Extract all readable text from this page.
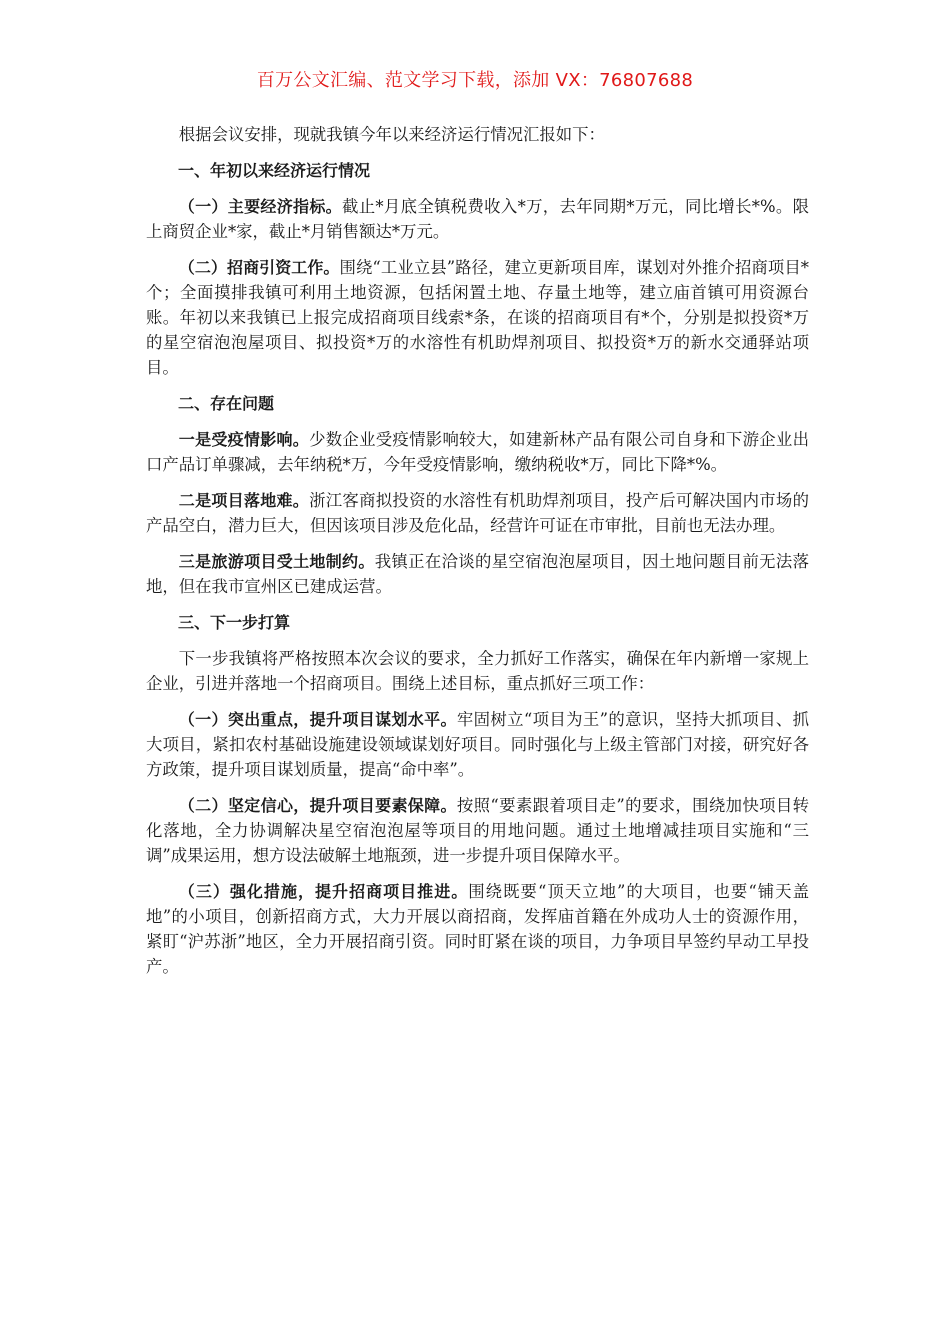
百万公文汇编、范文学习下载，添加 VX：76807688

根据会议安排，现就我镇今年以来经济运行情况汇报如下：

一、年初以来经济运行情况

（一）主要经济指标。截止*月底全镇税费收入*万，去年同期*万元，同比增长*%。限上商贸企业*家，截止*月销售额达*万元。

（二）招商引资工作。围绕“工业立县”路径，建立更新项目库，谋划对外推介招商项目*个；全面摸排我镇可利用土地资源，包括闲置土地、存量土地等，建立庙首镇可用资源台账。年初以来我镇已上报完成招商项目线索*条，在谈的招商项目有*个，分别是拟投资*万的星空宿泡泡屋项目、拟投资*万的水溶性有机助焊剂项目、拟投资*万的新水交通驿站项目。

二、存在问题

一是受疫情影响。少数企业受疫情影响较大，如建新林产品有限公司自身和下游企业出口产品订单骤减，去年纳税*万，今年受疫情影响，缴纳税收*万，同比下降*%。

二是项目落地难。浙江客商拟投资的水溶性有机助焊剂项目，投产后可解决国内市场的产品空白，潜力巨大，但因该项目涉及危化品，经营许可证在市审批，目前也无法办理。

三是旅游项目受土地制约。我镇正在洽谈的星空宿泡泡屋项目，因土地问题目前无法落地，但在我市宣州区已建成运营。

三、下一步打算

下一步我镇将严格按照本次会议的要求，全力抓好工作落实，确保在年内新增一家规上企业，引进并落地一个招商项目。围绕上述目标，重点抓好三项工作：

（一）突出重点，提升项目谋划水平。牢固树立“项目为王”的意识，坚持大抓项目、抓大项目，紧扣农村基础设施建设领域谋划好项目。同时强化与上级主管部门对接，研究好各方政策，提升项目谋划质量，提高“命中率”。

（二）坚定信心，提升项目要素保障。按照“要素跟着项目走”的要求，围绕加快项目转化落地，全力协调解决星空宿泡泡屋等项目的用地问题。通过土地增减挂项目实施和“三调”成果运用，想方设法破解土地瓶颈，进一步提升项目保障水平。

（三）强化措施，提升招商项目推进。围绕既要“顶天立地”的大项目，也要“铺天盖地”的小项目，创新招商方式，大力开展以商招商，发挥庙首籍在外成功人士的资源作用，紧盯“沪苏浙”地区，全力开展招商引资。同时盯紧在谈的项目，力争项目早签约早动工早投产。
